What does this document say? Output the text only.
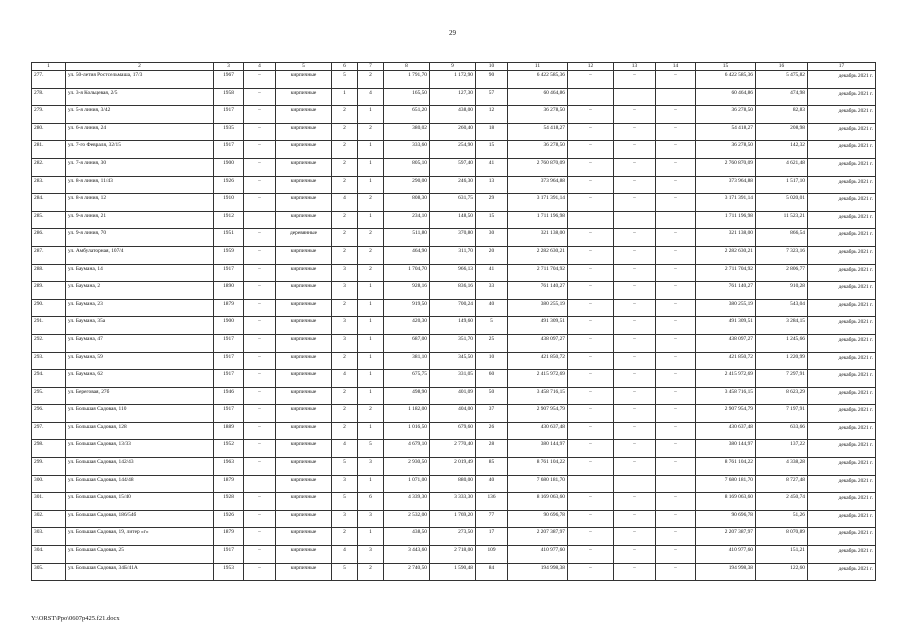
29
1	2	3	4	5	6	7	8	9	10	11	12	13	14	15	16	17
277.	ул. 50-летия Ростсельмаша, 17/3	1967	–	кирпичные	5	2	1 791,70	1 172,90	90	6 422 585,36	–	–	–	6 422 585,36	5 475,82	декабрь 2021 г.
278.	ул. 3-я Кольцевая, 2/5	1958	–	кирпичные	1	4	165,50	127,30	57	60 464,86				60 464,86	474,98	декабрь 2021 г.
279.	ул. 5-я линия, 3/42	1917	–	кирпичные	2	1	651,20	438,00	12	36 278,50	–	–	–	36 278,50	82,83	декабрь 2021 г.
280.	ул. 6-я линия, 24	1935	–	кирпичные	2	2	380,02	260,40	18	54 418,27	–	–	–	54 418,27	208,98	декабрь 2021 г.
281.	ул. 7-го Февраля, 32/15	1917	–	кирпичные	2	1	333,60	254,90	15	36 278,50	–	–	–	36 278,50	142,32	декабрь 2021 г.
282.	ул. 7-я линия, 30	1900	–	кирпичные	2	1	805,10	597,40	41	2 760 870,09	–	–	–	2 760 870,09	4 621,48	декабрь 2021 г.
283.	ул. 8-я линия, 11/43	1926	–	кирпичные	2	1	290,00	246,30	13	373 964,88	–	–	–	373 964,88	1 517,10	декабрь 2021 г.
284.	ул. 8-я линия, 12	1910	–	кирпичные	4	2	808,30	631,75	29	3 171 391,14	–	–	–	3 171 391,14	5 020,01	декабрь 2021 г.
285.	ул. 9-я линия, 21	1912		кирпичные	2	1	234,10	148,50	15	1 711 196,98				1 711 196,98	11 523,21	декабрь 2021 г.
286.	ул. 9-я линия, 70	1951	–	деревянные	2	2	511,80	370,80	30	321 138,00	–	–	–	321 138,00	866,54	декабрь 2021 г.
287.	ул. Амбулаторная, 107/4	1959	–	кирпичные	2	2	464,90	311,70	20	2 282 630,21	–	–	–	2 282 630,21	7 323,16	декабрь 2021 г.
288.	ул. Баумана, 14	1917	–	кирпичные	3	2	1 704,70	966,13	41	2 711 704,92	–	–	–	2 711 704,92	2 806,77	декабрь 2021 г.
289.	ул. Баумана, 2	1890	–	кирпичные	3	1	928,16	836,16	33	761 140,27	–	–	–	761 140,27	910,28	декабрь 2021 г.
290.	ул. Баумана, 23	1879	–	кирпичные	2	1	919,50	700,24	40	380 255,19	–	–	–	380 255,19	543,04	декабрь 2021 г.
291.	ул. Баумана, 35а	1900	–	кирпичные	3	1	420,30	149,60	5	491 309,51	–	–	–	491 309,51	3 284,15	декабрь 2021 г.
292.	ул. Баумана, 47	1917	–	кирпичные	3	1	687,00	351,70	25	438 097,27	–	–	–	438 097,27	1 245,66	декабрь 2021 г.
293.	ул. Баумана, 59	1917	–	кирпичные	2	1	381,10	345,50	10	421 850,72	–	–	–	421 850,72	1 220,99	декабрь 2021 г.
294.	ул. Баумана, 62	1917	–	кирпичные	4	1	675,75	331,05	60	2 415 972,69	–	–	–	2 415 972,69	7 297,91	декабрь 2021 г.
295.	ул. Береговая, 27б	1946	–	кирпичные	2	1	498,90	401,09	50	3 458 716,15	–	–	–	3 458 716,15	8 623,29	декабрь 2021 г.
296.	ул. Большая Садовая, 110	1917	–	кирпичные	2	2	1 182,00	404,00	37	2 907 954,79	–	–	–	2 907 954,79	7 197,91	декабрь 2021 г.
297.	ул. Большая Садовая, 128	1889	–	кирпичные	2	1	1 016,50	679,60	26	430 637,48	–	–	–	430 637,48	633,66	декабрь 2021 г.
298.	ул. Большая Садовая, 13/33	1952	–	кирпичные	4	5	4 679,10	2 770,40	28	380 144,97	–	–	–	380 144,97	137,22	декабрь 2021 г.
299.	ул. Большая Садовая, 142/43	1963	–	кирпичные	5	3	2 930,50	2 019,49	85	8 761 104,22	–	–	–	8 761 104,22	4 338,28	декабрь 2021 г.
300.	ул. Большая Садовая, 144/48	1879		кирпичные	3	1	1 071,00	880,00	40	7 680 181,70				7 680 181,70	8 727,48	декабрь 2021 г.
301.	ул. Большая Садовая, 15/40	1928	–	кирпичные	5	6	4 339,30	3 333,30	136	8 169 063,60	–	–	–	8 169 063,60	2 450,74	декабрь 2021 г.
302.	ул. Большая Садовая, 186/54б	1926	–	кирпичные	3	3	2 532,00	1 769,20	77	90 696,78	–	–	–	90 696,78	51,26	декабрь 2021 г.
303.	ул. Большая Садовая, 19, литер «г»	1879	–	кирпичные	2	1	438,50	273,50	17	2 207 387,97	–	–	–	2 207 387,97	8 070,89	декабрь 2021 г.
304.	ул. Большая Садовая, 25	1917	–	кирпичные	4	3	3 443,60	2 718,00	109	410 977,60	–	–	–	410 977,60	151,21	декабрь 2021 г.
305.	ул. Большая Садовая, 34Б/41А	1953	–	кирпичные	5	2	2 740,50	1 590,48	84	194 998,38	–	–	–	194 998,38	122,60	декабрь 2021 г.
Y:\ORST\Ppo\0607p425.f21.docx
